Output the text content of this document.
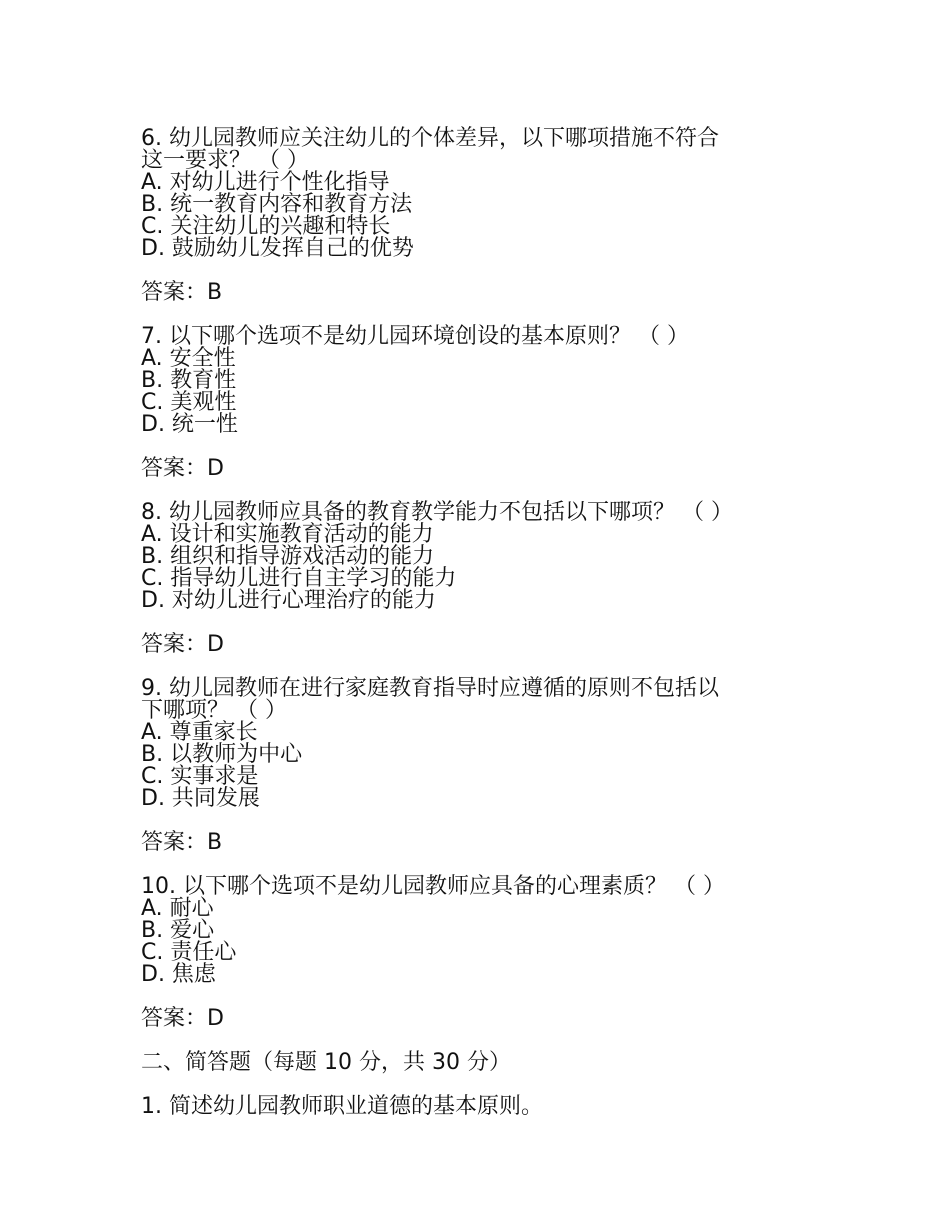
6. 幼儿园教师应关注幼儿的个体差异，以下哪项措施不符合
这一要求？ （ ）
A. 对幼儿进行个性化指导
B. 统一教育内容和教育方法
C. 关注幼儿的兴趣和特长
D. 鼓励幼儿发挥自己的优势
答案：B
7. 以下哪个选项不是幼儿园环境创设的基本原则？ （ ）
A. 安全性
B. 教育性
C. 美观性
D. 统一性
答案：D
8. 幼儿园教师应具备的教育教学能力不包括以下哪项？ （ ）
A. 设计和实施教育活动的能力
B. 组织和指导游戏活动的能力
C. 指导幼儿进行自主学习的能力
D. 对幼儿进行心理治疗的能力
答案：D
9. 幼儿园教师在进行家庭教育指导时应遵循的原则不包括以
下哪项？ （ ）
A. 尊重家长
B. 以教师为中心
C. 实事求是
D. 共同发展
答案：B
10. 以下哪个选项不是幼儿园教师应具备的心理素质？ （ ）
A. 耐心
B. 爱心
C. 责任心
D. 焦虑
答案：D
二、简答题（每题 10 分，共 30 分）
1. 简述幼儿园教师职业道德的基本原则。
